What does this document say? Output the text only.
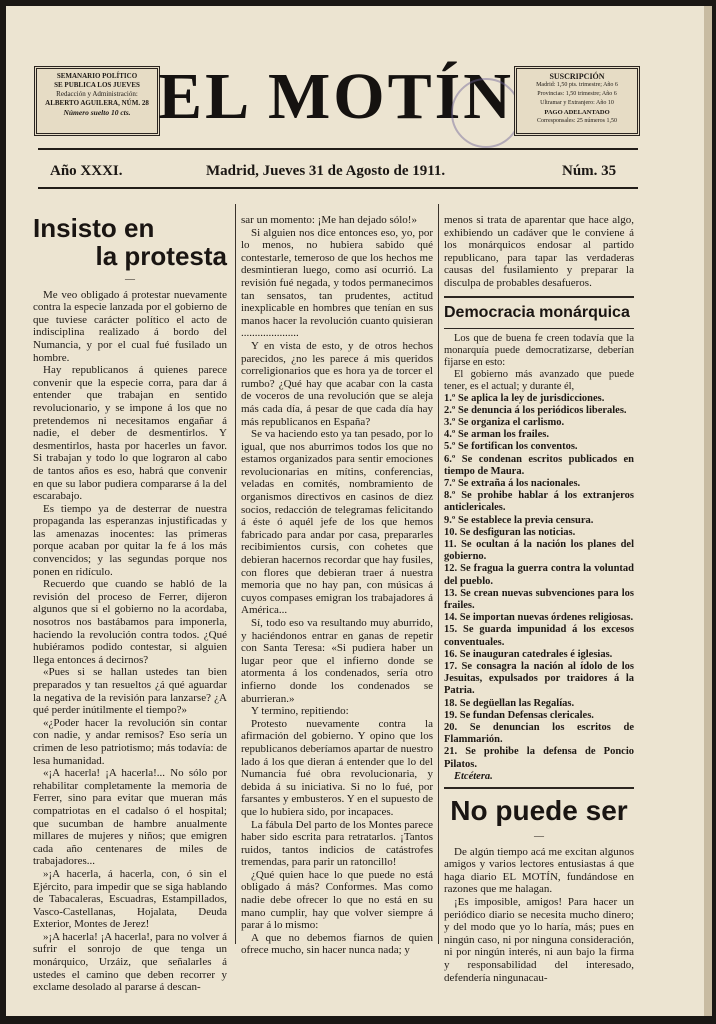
SEMANARIO POLÍTICO
SE PUBLICA LOS JUEVES
Redacción y Administración:
ALBERTO AGUILERA, NÚM. 28
Número suelto 10 cts. EL MOTÍN	SUSCRIPCIÓN
Madrid: 1,50 pts. trimestre; Año 6
Provincias: 1,50 trimestre; Año 6
Ultramar y Extranjero: Año 10
PAGO ADELANTADO
Corresponsales: 25 números 1,50
Año XXXI.	Madrid, Jueves 31 de Agosto de 1911.	Núm. 35
Insisto en
la protesta
—

Me veo obligado á protestar nuevamente contra la especie lanzada por el gobierno de que tuviese carácter político el acto de indisciplina realizado á bordo del Numancia, y por el cual fué fusilado un hombre.

Hay republicanos á quienes parece convenir que la especie corra, para dar á entender que trabajan en sentido revolucionario, y se impone á los que no pretendemos ni necesitamos engañar á nadie, el deber de desmentirlos. Y desmentirlos, hasta por hacerles un favor. Si trabajan y todo lo que lograron al cabo de tantos años es eso, habrá que convenir en que su labor pudiera compararse á la del escarabajo.

Es tiempo ya de desterrar de nuestra propaganda las esperanzas injustificadas y las amenazas inocentes: las primeras porque acaban por quitar la fe á los más convencidos; y las segundas porque nos ponen en ridículo.

Recuerdo que cuando se habló de la revisión del proceso de Ferrer, dijeron algunos que si el gobierno no la acordaba, nosotros nos bastábamos para imponerla, haciendo la revolución contra todos. ¿Qué hubiéramos podido contestar, si alguien llega entonces á decirnos?

«Pues si se hallan ustedes tan bien preparados y tan resueltos ¿á qué aguardar la negativa de la revisión para lanzarse? ¿A qué perder inútilmente el tiempo?»

«¿Poder hacer la revolución sin contar con nadie, y andar remisos? Eso sería un crimen de leso patriotismo; más todavía: de lesa humanidad.

«¡A hacerla! ¡A hacerla!... No sólo por rehabilitar completamente la memoria de Ferrer, sino para evitar que mueran más compatriotas en el cadalso ó el hospital; que sucumban de hambre anualmente millares de mujeres y niños; que emigren cada año centenares de miles de trabajadores...

»¡A hacerla, á hacerla, con, ó sin el Ejército, para impedir que se siga hablando de Tabacaleras, Escuadras, Estampillados, Vasco-Castellanas, Hojalata, Deuda Exterior, Montes de Jerez!

»¡A hacerla! ¡A hacerla!, para no volver á sufrir el sonrojo de que tenga un monárquico, Urzáiz, que señalarles á ustedes el camino que deben recorrer y exclame desolado al pararse á descan-

sar un momento: ¡Me han dejado sólo!»

Si alguien nos dice entonces eso, yo, por lo menos, no hubiera sabido qué contestarle, temeroso de que los hechos me desmintieran luego, como así ocurrió. La revisión fué negada, y todos permanecimos tan sensatos, tan prudentes, actitud inexplicable en hombres que tenían en sus manos hacer la revolución cuanto quisieran .....................

Y en vista de esto, y de otros hechos parecidos, ¿no les parece á mis queridos correligionarios que es hora ya de torcer el rumbo? ¿Qué hay que acabar con la casta de voceros de una revolución que se aleja más cada día, á pesar de que cada día hay más republicanos en España?

Se va haciendo esto ya tan pesado, por lo igual, que nos aburrimos todos los que no estamos organizados para sentir emociones revolucionarias en mítins, conferencias, veladas en comités, nombramiento de organismos directivos en casinos de diez socios, redacción de telegramas felicitando á éste ó aquél jefe de los que hemos fabricado para andar por casa, prepararles recibimientos cursis, con cohetes que debieran hacernos recordar que hay fusiles, con flores que debieran traer á nuestra memoria que no hay pan, con músicas á cuyos compases emigran los trabajadores á América...

Sí, todo eso va resultando muy aburrido, y haciéndonos entrar en ganas de repetir con Santa Teresa: «Si pudiera haber un lugar peor que el infierno donde se atormenta á los condenados, sería otro infierno donde los condenados se aburrieran.»

Y termino, repitiendo:

Protesto nuevamente contra la afirmación del gobierno. Y opino que los republicanos deberíamos apartar de nuestro lado á los que dieran á entender que lo del Numancia fué obra revolucionaria, y debida á su iniciativa. Si no lo fué, por farsantes y embusteros. Y en el supuesto de que lo hubiera sido, por incapaces.

La fábula Del parto de los Montes parece haber sido escrita para retratarlos. ¡Tantos ruidos, tantos indicios de catástrofes tremendas, para parir un ratoncillo!

¿Qué quien hace lo que puede no está obligado á más? Conformes. Mas como nadie debe ofrecer lo que no está en su mano cumplir, hay que volver siempre á parar á lo mismo:

A que no debemos fiarnos de quien ofrece mucho, sin hacer nunca nada; y

menos si trata de aparentar que hace algo, exhibiendo un cadáver que le conviene á los monárquicos endosar al partido republicano, para tapar las verdaderas causas del fusilamiento y preparar la disculpa de probables desafueros.

Democracia monárquica

Los que de buena fe creen todavía que la monarquía puede democratizarse, deberían fijarse en esto:

El gobierno más avanzado que puede tener, es el actual; y durante él,

1.º Se aplica la ley de jurisdicciones.

2.º Se denuncia á los periódicos liberales.

3.º Se organiza el carlismo.

4.º Se arman los frailes.

5.º Se fortifican los conventos.

6.º Se condenan escritos publicados en tiempo de Maura.

7.º Se extraña á los nacionales.

8.º Se prohibe hablar á los extranjeros anticlericales.

9.º Se establece la previa censura.

10. Se desfiguran las noticias.

11. Se ocultan á la nación los planes del gobierno.

12. Se fragua la guerra contra la voluntad del pueblo.

13. Se crean nuevas subvenciones para los frailes.

14. Se importan nuevas órdenes religiosas.

15. Se guarda impunidad á los excesos conventuales.

16. Se inauguran catedrales é iglesias.

17. Se consagra la nación al ídolo de los Jesuitas, expulsados por traidores á la Patria.

18. Se degüellan las Regalías.

19. Se fundan Defensas clericales.

20. Se denuncian los escritos de Flammarión.

21. Se prohibe la defensa de Poncio Pilatos.

Etcétera.

No puede ser
—

De algún tiempo acá me excitan algunos amigos y varios lectores entusiastas á que haga diario EL MOTÍN, fundándose en razones que me halagan.

¡Es imposible, amigos! Para hacer un periódico diario se necesita mucho dinero; y del modo que yo lo haría, más; pues en ningún caso, ni por ninguna consideración, ni por ningún interés, ni aun bajo la firma y responsabilidad del interesado, defendería ningunacau-
